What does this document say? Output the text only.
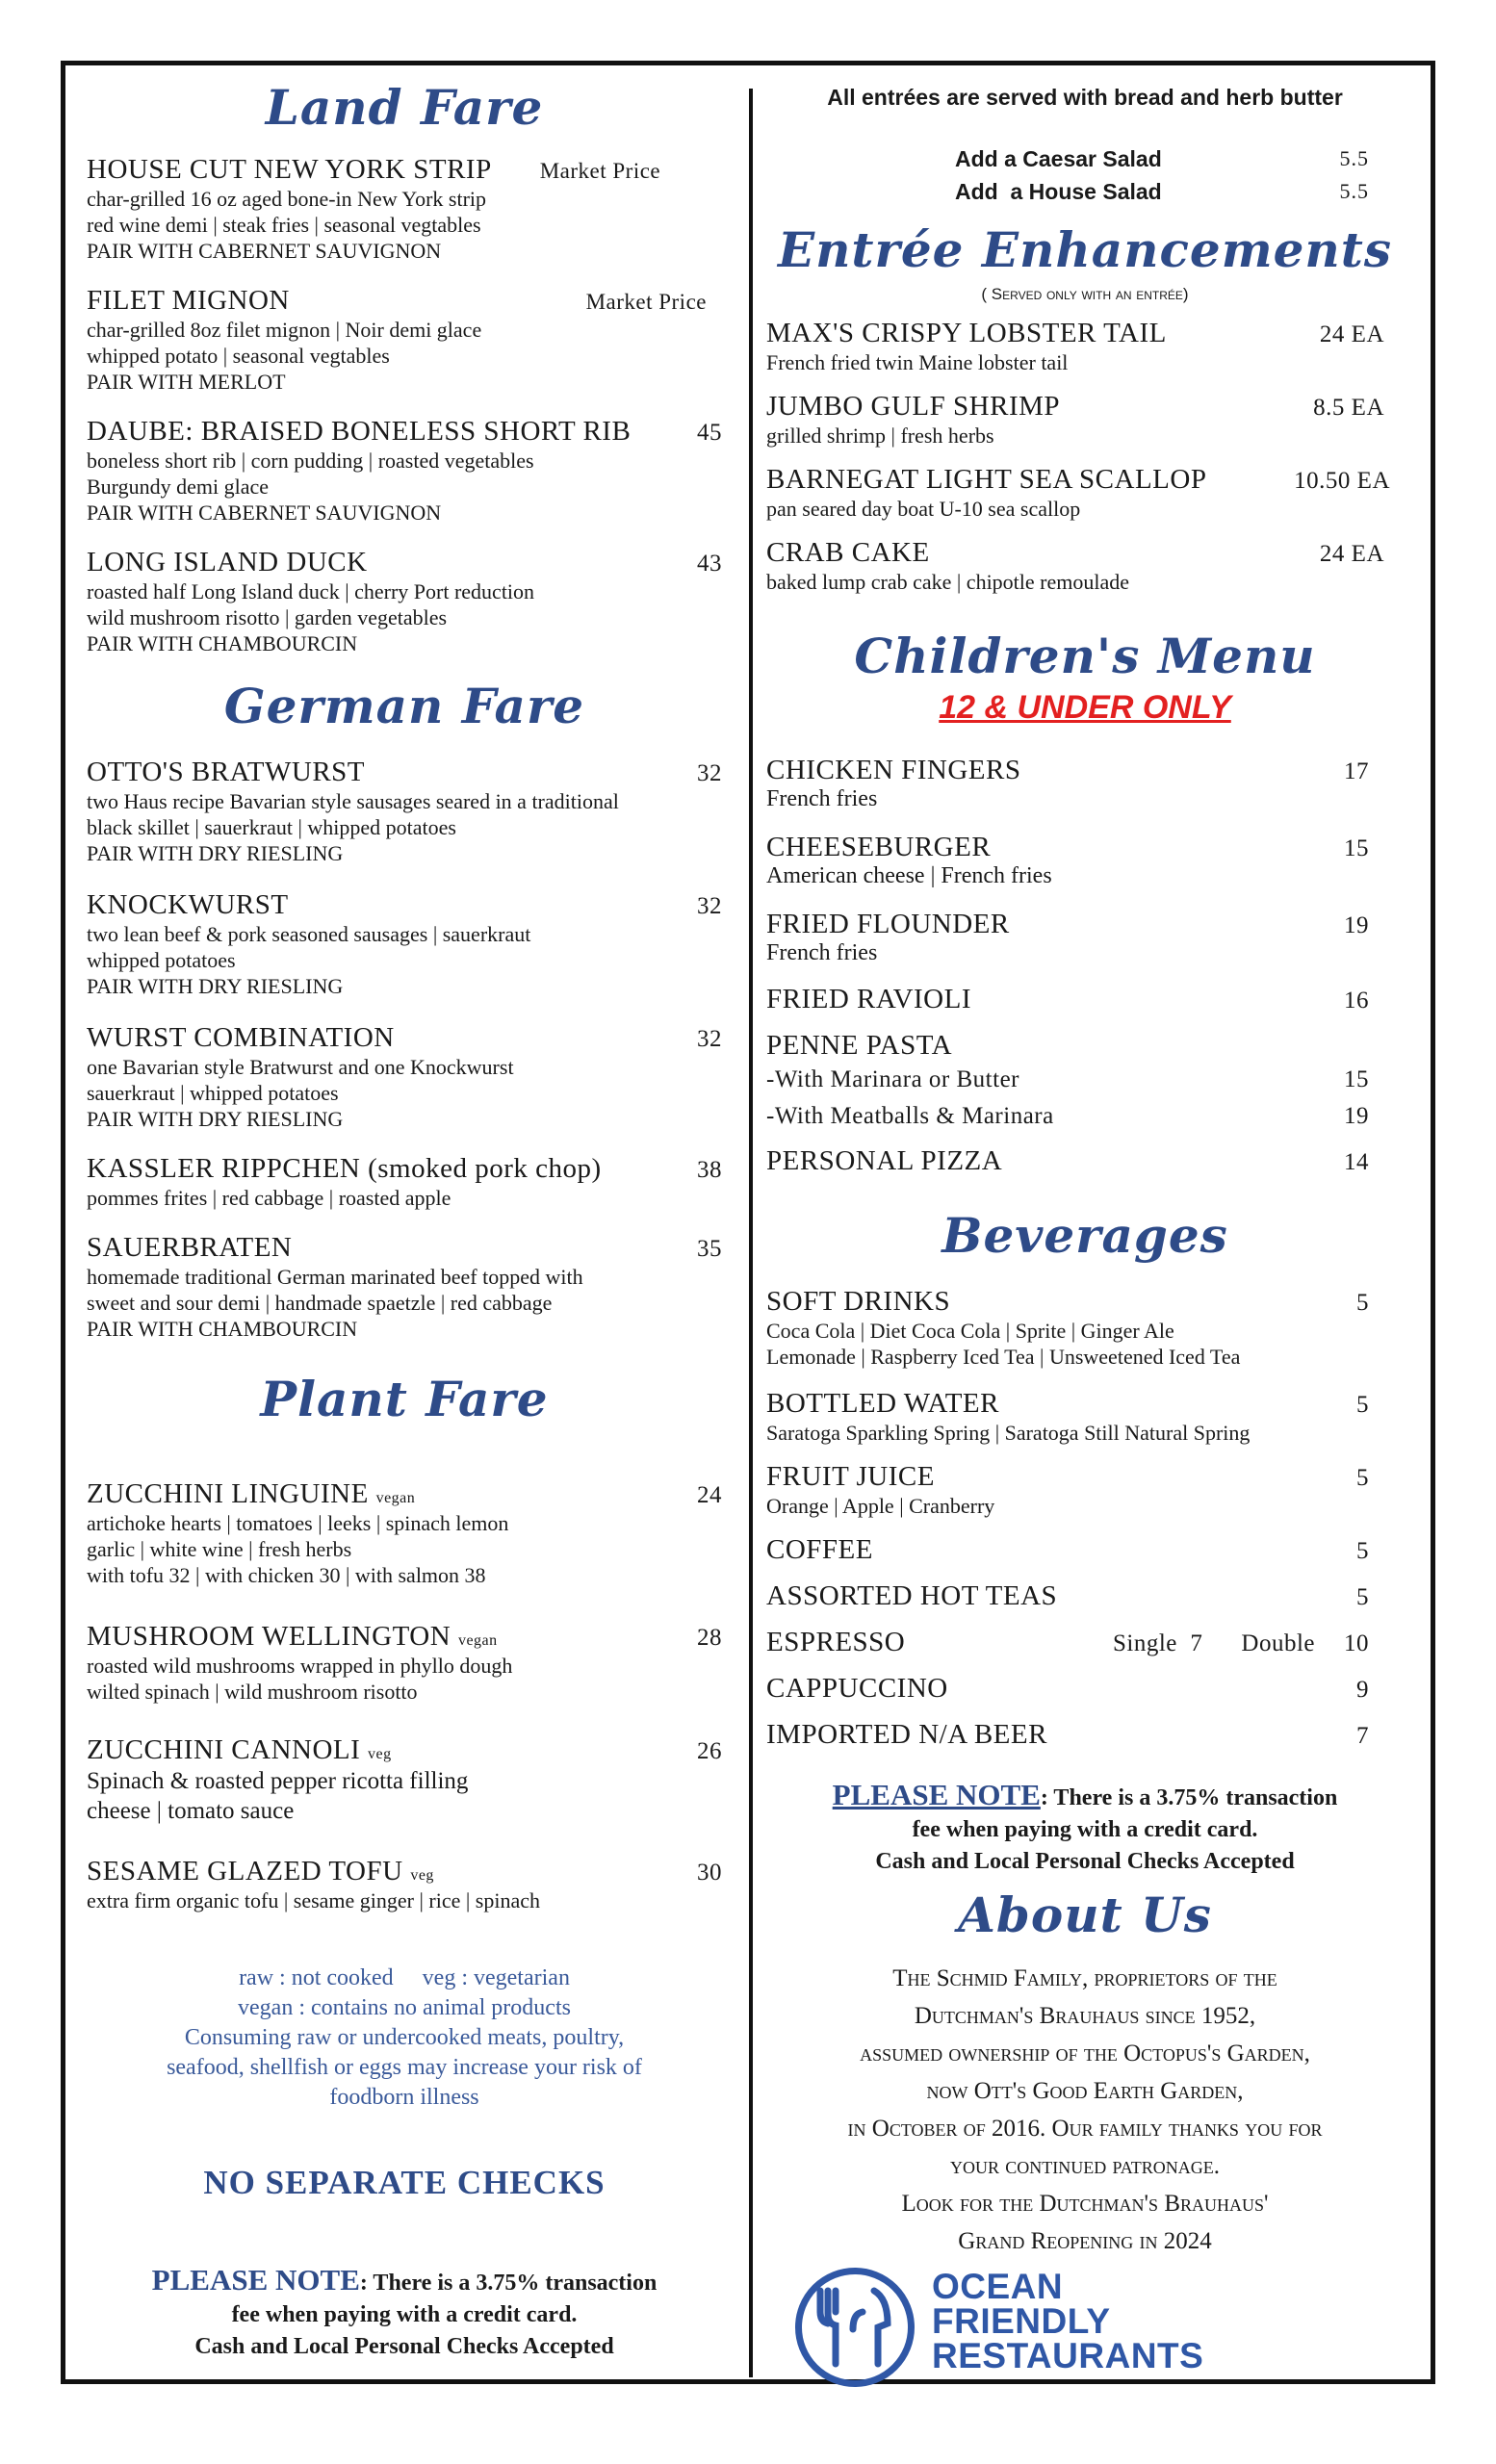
Land Fare
HOUSE CUT NEW YORK STRIP Market Price
char-grilled 16 oz aged bone-in New York strip
red wine demi | steak fries | seasonal vegtables
PAIR WITH CABERNET SAUVIGNON
FILET MIGNON	Market Price
char-grilled 8oz filet mignon | Noir demi glace
whipped potato | seasonal vegtables
PAIR WITH MERLOT
DAUBE: BRAISED BONELESS SHORT RIB	45
boneless short rib | corn pudding | roasted vegetables
Burgundy demi glace
PAIR WITH CABERNET SAUVIGNON
LONG ISLAND DUCK	43
roasted half Long Island duck | cherry Port reduction
wild mushroom risotto | garden vegetables
PAIR WITH CHAMBOURCIN
German Fare
OTTO'S BRATWURST	32
two Haus recipe Bavarian style sausages seared in a traditional
black skillet | sauerkraut | whipped potatoes
PAIR WITH DRY RIESLING
KNOCKWURST	32
two lean beef & pork seasoned sausages | sauerkraut
whipped potatoes
PAIR WITH DRY RIESLING
WURST COMBINATION	32
one Bavarian style Bratwurst and one Knockwurst
sauerkraut | whipped potatoes
PAIR WITH DRY RIESLING
KASSLER RIPPCHEN (smoked pork chop)	38
pommes frites | red cabbage | roasted apple
SAUERBRATEN	35
homemade traditional German marinated beef topped with
sweet and sour demi | handmade spaetzle | red cabbage
PAIR WITH CHAMBOURCIN
Plant Fare
ZUCCHINI LINGUINE vegan	24
artichoke hearts | tomatoes | leeks | spinach lemon
garlic | white wine | fresh herbs
with tofu 32 | with chicken 30 | with salmon 38
MUSHROOM WELLINGTON vegan	28
roasted wild mushrooms wrapped in phyllo dough
wilted spinach | wild mushroom risotto
ZUCCHINI CANNOLI veg	26
Spinach & roasted pepper ricotta filling
cheese | tomato sauce
SESAME GLAZED TOFU veg	30
extra firm organic tofu | sesame ginger | rice | spinach
raw : not cooked     veg : vegetarian
vegan : contains no animal products
Consuming raw or undercooked meats, poultry,
seafood, shellfish or eggs may increase your risk of
foodborn illness
NO SEPARATE CHECKS
PLEASE NOTE: There is a 3.75% transaction
fee when paying with a credit card.
Cash and Local Personal Checks Accepted
All entrées are served with bread and herb butter
Add a Caesar Salad	5.5
Add  a House Salad	5.5
Entrée Enhancements
( Served only with an entrée)
MAX'S CRISPY LOBSTER TAIL	24 EA
French fried twin Maine lobster tail
JUMBO GULF SHRIMP	8.5 EA
grilled shrimp | fresh herbs
BARNEGAT LIGHT SEA SCALLOP	10.50 EA
pan seared day boat U-10 sea scallop
CRAB CAKE	24 EA
baked lump crab cake | chipotle remoulade
Children's Menu
12 & UNDER ONLY
CHICKEN FINGERS	17
French fries
CHEESEBURGER	15
American cheese | French fries
FRIED FLOUNDER	19
French fries
FRIED RAVIOLI	16
PENNE PASTA
-With Marinara or Butter	15
-With Meatballs & Marinara	19
PERSONAL PIZZA	14
Beverages
SOFT DRINKS	5
Coca Cola | Diet Coca Cola | Sprite | Ginger Ale
Lemonade | Raspberry Iced Tea | Unsweetened Iced Tea
BOTTLED WATER	5
Saratoga Sparkling Spring | Saratoga Still Natural Spring
FRUIT JUICE	5
Orange | Apple | Cranberry
COFFEE	5
ASSORTED HOT TEAS	5
ESPRESSO	Single  7 Double 10
CAPPUCCINO	9
IMPORTED N/A BEER	7
PLEASE NOTE: There is a 3.75% transaction
fee when paying with a credit card.
Cash and Local Personal Checks Accepted
About Us
The Schmid Family, proprietors of the
Dutchman's Brauhaus since 1952,
assumed ownership of the Octopus's Garden,
now Ott's Good Earth Garden,
in October of 2016. Our family thanks you for
your continued patronage.
Look for the Dutchman's Brauhaus'
Grand Reopening in 2024
OCEAN
FRIENDLY
RESTAURANTS
